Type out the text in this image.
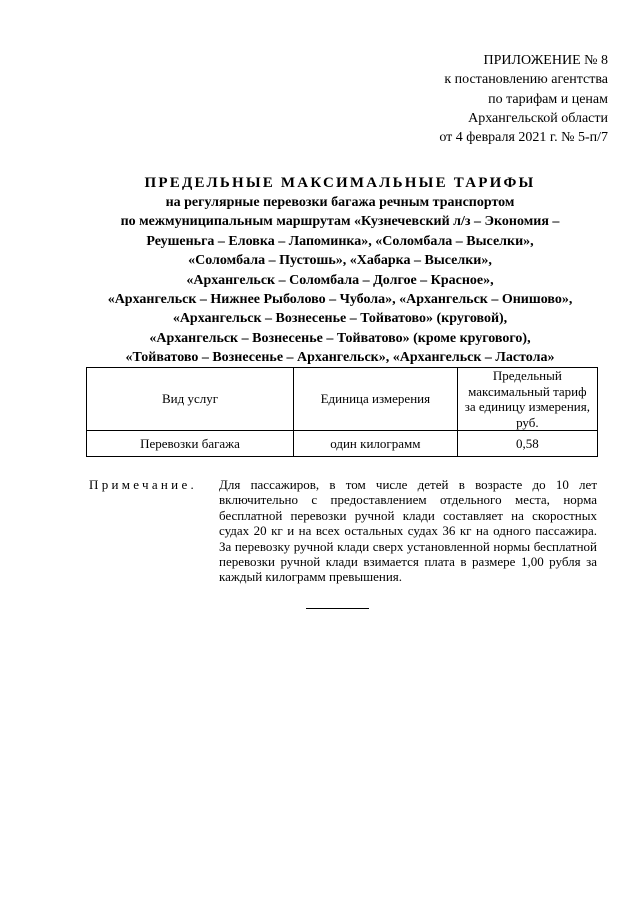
ПРИЛОЖЕНИЕ № 8
к постановлению агентства
по тарифам и ценам
Архангельской области
от 4 февраля 2021 г. № 5-п/7
ПРЕДЕЛЬНЫЕ МАКСИМАЛЬНЫЕ ТАРИФЫ
на регулярные перевозки багажа речным транспортом
по межмуниципальным маршрутам «Кузнечевский л/з – Экономия –
Реушеньга – Еловка – Лапоминка», «Соломбала – Выселки»,
«Соломбала – Пустошь», «Хабарка – Выселки»,
«Архангельск – Соломбала – Долгое – Красное»,
«Архангельск – Нижнее Рыболово – Чубола», «Архангельск – Онишово»,
«Архангельск – Вознесенье – Тойватово» (круговой),
«Архангельск – Вознесенье – Тойватово» (кроме кругового),
«Тойватово – Вознесенье – Архангельск», «Архангельск – Ластола»
Вид услуг	Единица измерения	Предельный максимальный тариф за единицу измерения, руб.
Перевозки багажа	один килограмм	0,58
Примечание. Для пассажиров, в том числе детей в возрасте до 10 лет включительно с предоставлением отдельного места, норма бесплатной перевозки ручной клади составляет на скоростных судах 20 кг и на всех остальных судах 36 кг на одного пассажира. За перевозку ручной клади сверх установленной нормы бесплатной перевозки ручной клади взимается плата в размере 1,00 рубля за каждый килограмм превышения.
